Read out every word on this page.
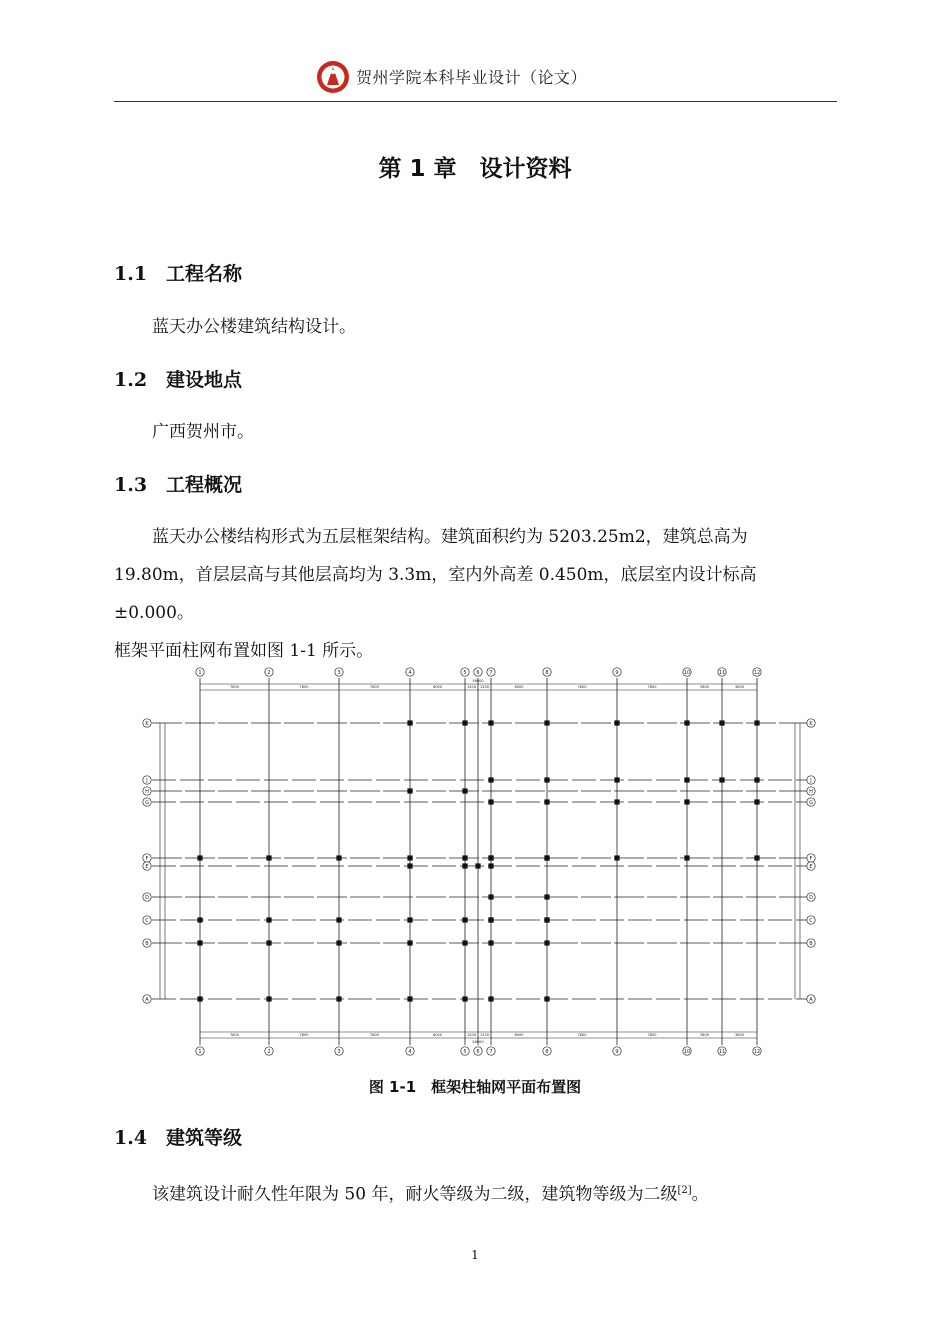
贺州学院本科毕业设计（论文）
第 1 章　设计资料
1.1 工程名称
蓝天办公楼建筑结构设计。
1.2 建设地点
广西贺州市。
1.3 工程概况
蓝天办公楼结构形式为五层框架结构。建筑面积约为 5203.25m2，建筑总高为
19.80m，首层层高与其他层高均为 3.3m，室内外高差 0.450m，底层室内设计标高±0.000。
框架平面柱网布置如图 1-1 所示。
7800
7800
7800
7800
7800
7800
6000
6000
1200
1200
1200
1200
6000
6000
7800
7800
7800
7800
3800
3800
3800
3800
56000
56000
1
1
2
2
3
3
4
4
5
5
6
6
7
7
8
8
9
9
10
10
11
11
12
12
K	K
J	J
H	H
G	G
F	F
E	E
D	D
C	C
B	B
A	A
图 1-1　框架柱轴网平面布置图
1.4 建筑等级
该建筑设计耐久性年限为 50 年，耐火等级为二级，建筑物等级为二级[2]。
1
